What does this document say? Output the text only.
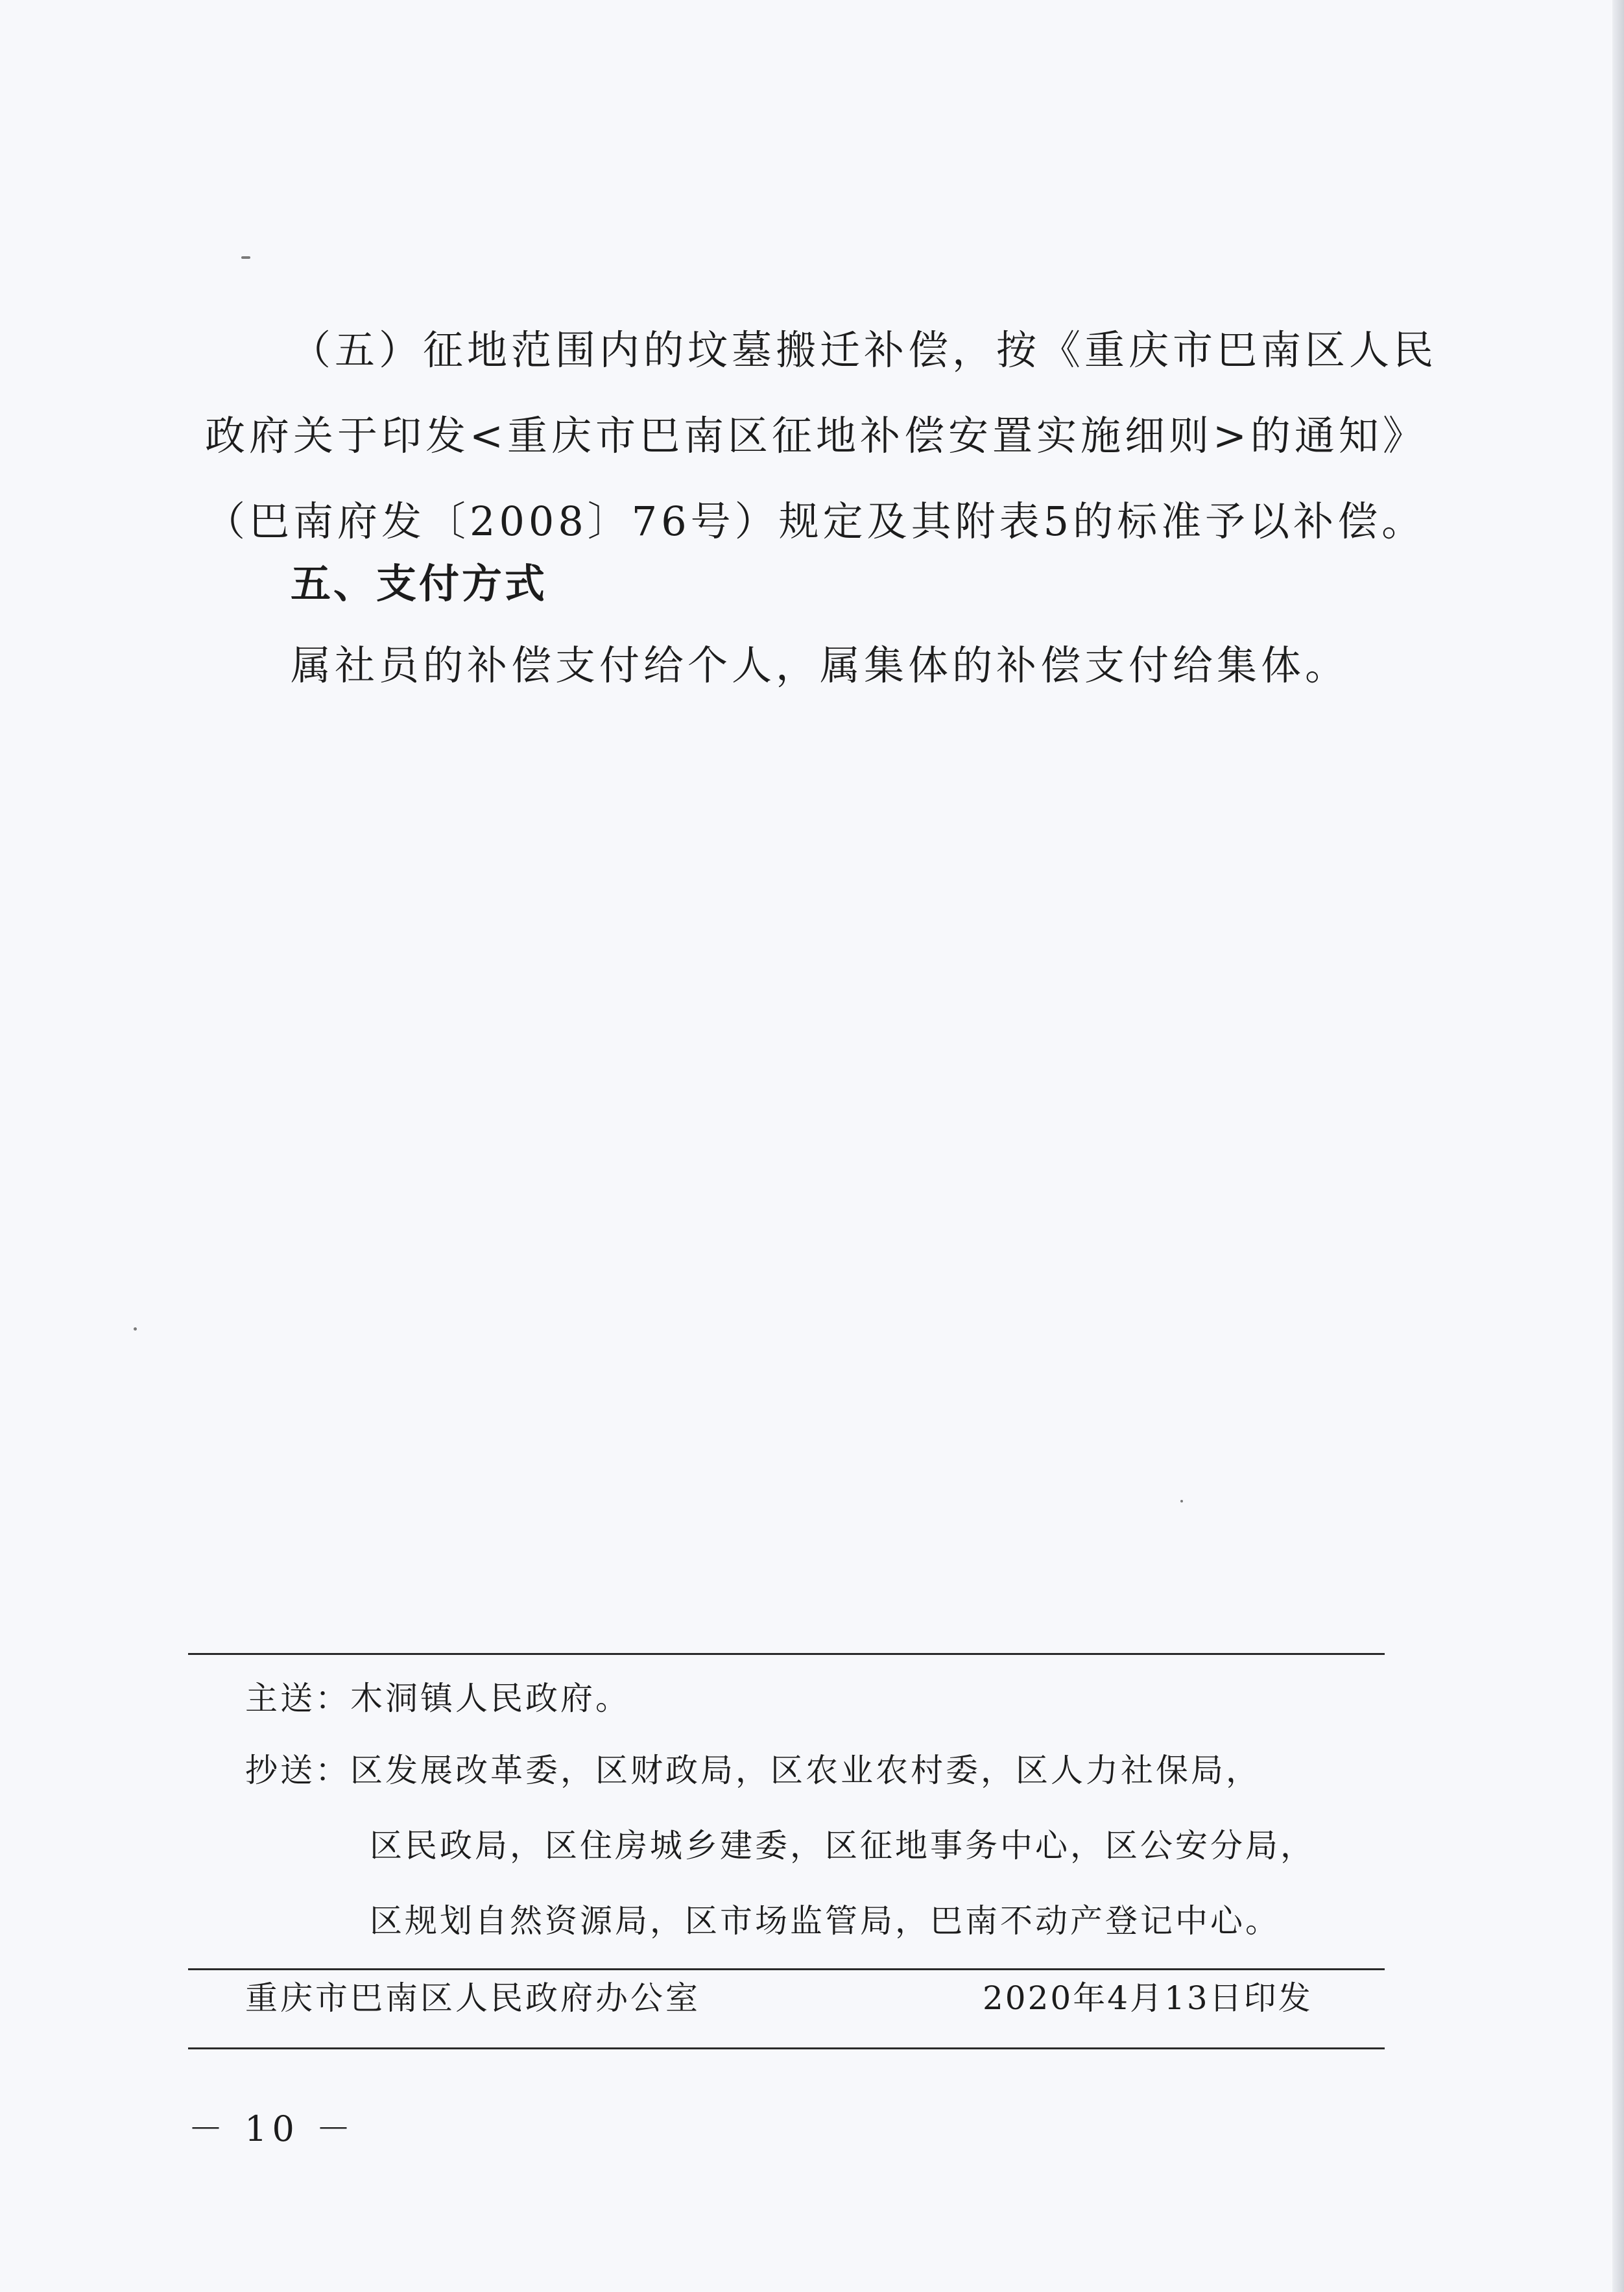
（五）征地范围内的坟墓搬迁补偿，按《重庆市巴南区人民

政府关于印发<重庆市巴南区征地补偿安置实施细则>的通知》

（巴南府发〔2008〕76号）规定及其附表5的标准予以补偿。

五、支付方式

属社员的补偿支付给个人，属集体的补偿支付给集体。

主送：木洞镇人民政府。

抄送：区发展改革委，区财政局，区农业农村委，区人力社保局，

区民政局，区住房城乡建委，区征地事务中心，区公安分局，

区规划自然资源局，区市场监管局，巴南不动产登记中心。

重庆市巴南区人民政府办公室	2020年4月13日印发
－ 10 －
